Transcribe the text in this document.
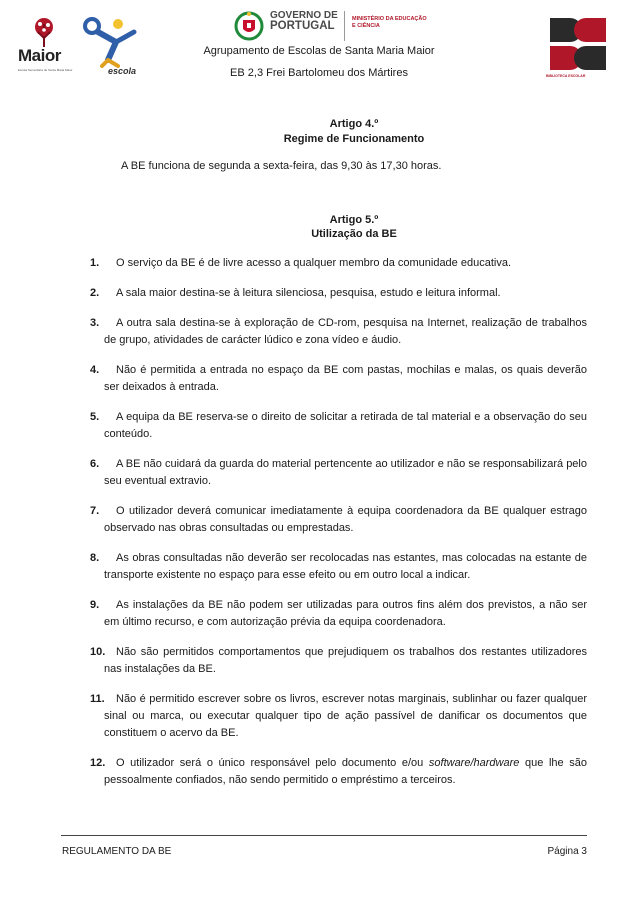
Maior
Escola Secundária de Santa Maria Maior	escola
GOVERNO DE
PORTUGAL
MINISTÉRIO DA EDUCAÇÃO
E CIÊNCIA
BIBLIOTECA ESCOLAR
Agrupamento de Escolas de Santa Maria Maior
EB 2,3 Frei Bartolomeu dos Mártires
Artigo 4.º
Regime de Funcionamento
A BE funciona de segunda a sexta-feira, das 9,30 às 17,30 horas.
Artigo 5.º
Utilização da BE
1.	O serviço da BE é de livre acesso a qualquer membro da comunidade educativa.
2.	A sala maior destina-se à leitura silenciosa, pesquisa, estudo e leitura informal.
3.	A outra sala destina-se à exploração de CD-rom, pesquisa na Internet, realização de trabalhos de grupo, atividades de carácter lúdico e zona vídeo e áudio.
4.	Não é permitida a entrada no espaço da BE com pastas, mochilas e malas, os quais deverão ser deixados à entrada.
5.	A equipa da BE reserva-se o direito de solicitar a retirada de tal material e a observação do seu conteúdo.
6.	A BE não cuidará da guarda do material pertencente ao utilizador e não se responsabilizará pelo seu eventual extravio.
7.	O utilizador deverá comunicar imediatamente à equipa coordenadora da BE qualquer estrago observado nas obras consultadas ou emprestadas.
8.	As obras consultadas não deverão ser recolocadas nas estantes, mas colocadas na estante de transporte existente no espaço para esse efeito ou em outro local a indicar.
9.	As instalações da BE não podem ser utilizadas para outros fins além dos previstos, a não ser em último recurso, e com autorização prévia da equipa coordenadora.
10. Não são permitidos comportamentos que prejudiquem os trabalhos dos restantes utilizadores nas instalações da BE.
11.	Não é permitido escrever sobre os livros, escrever notas marginais, sublinhar ou fazer qualquer sinal ou marca, ou executar qualquer tipo de ação passível de danificar os documentos que constituem o acervo da BE.
12. O utilizador será o único responsável pelo documento e/ou software/hardware que lhe são pessoalmente confiados, não sendo permitido o empréstimo a terceiros.
REGULAMENTO DA BE	Página 3
